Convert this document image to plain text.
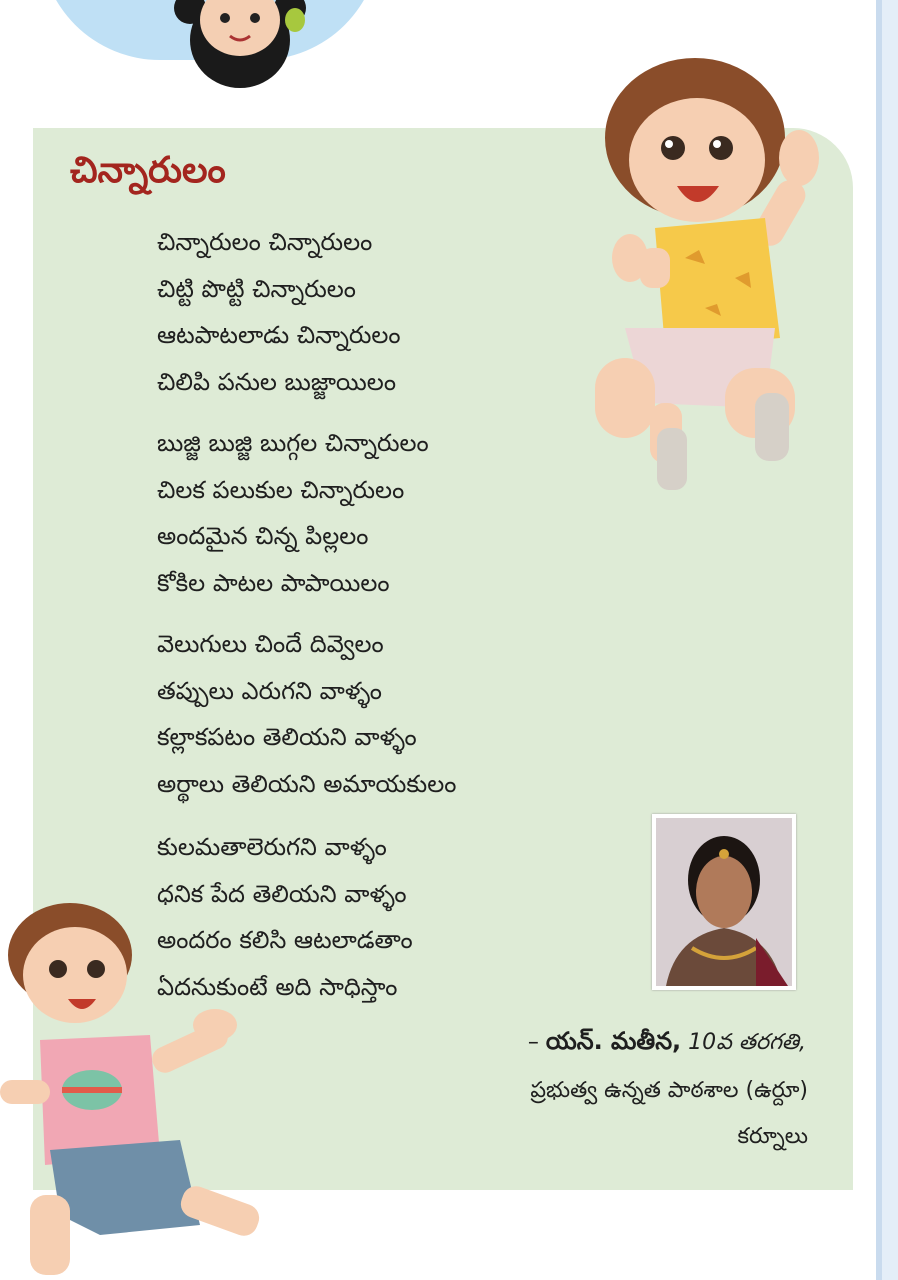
చిన్నారులం
చిన్నారులం చిన్నారులం
చిట్టి పొట్టి చిన్నారులం
ఆటపాటలాడు చిన్నారులం
చిలిపి పనుల బుజ్జాయిలం
బుజ్జి బుజ్జి బుగ్గల చిన్నారులం
చిలక పలుకుల చిన్నారులం
అందమైన చిన్న పిల్లలం
కోకిల పాటల పాపాయిలం
వెలుగులు చిందే దివ్వెలం
తప్పులు ఎరుగని వాళ్ళం
కల్లాకపటం తెలియని వాళ్ళం
అర్థాలు తెలియని అమాయకులం
కులమతాలెరుగని వాళ్ళం
ధనిక పేద తెలియని వాళ్ళం
అందరం కలిసి ఆటలాడతాం
ఏదనుకుంటే అది సాధిస్తాం
– యన్. మతీన, 10వ తరగతి,
ప్రభుత్వ ఉన్నత పాఠశాల (ఉర్దూ)
కర్నూలు
